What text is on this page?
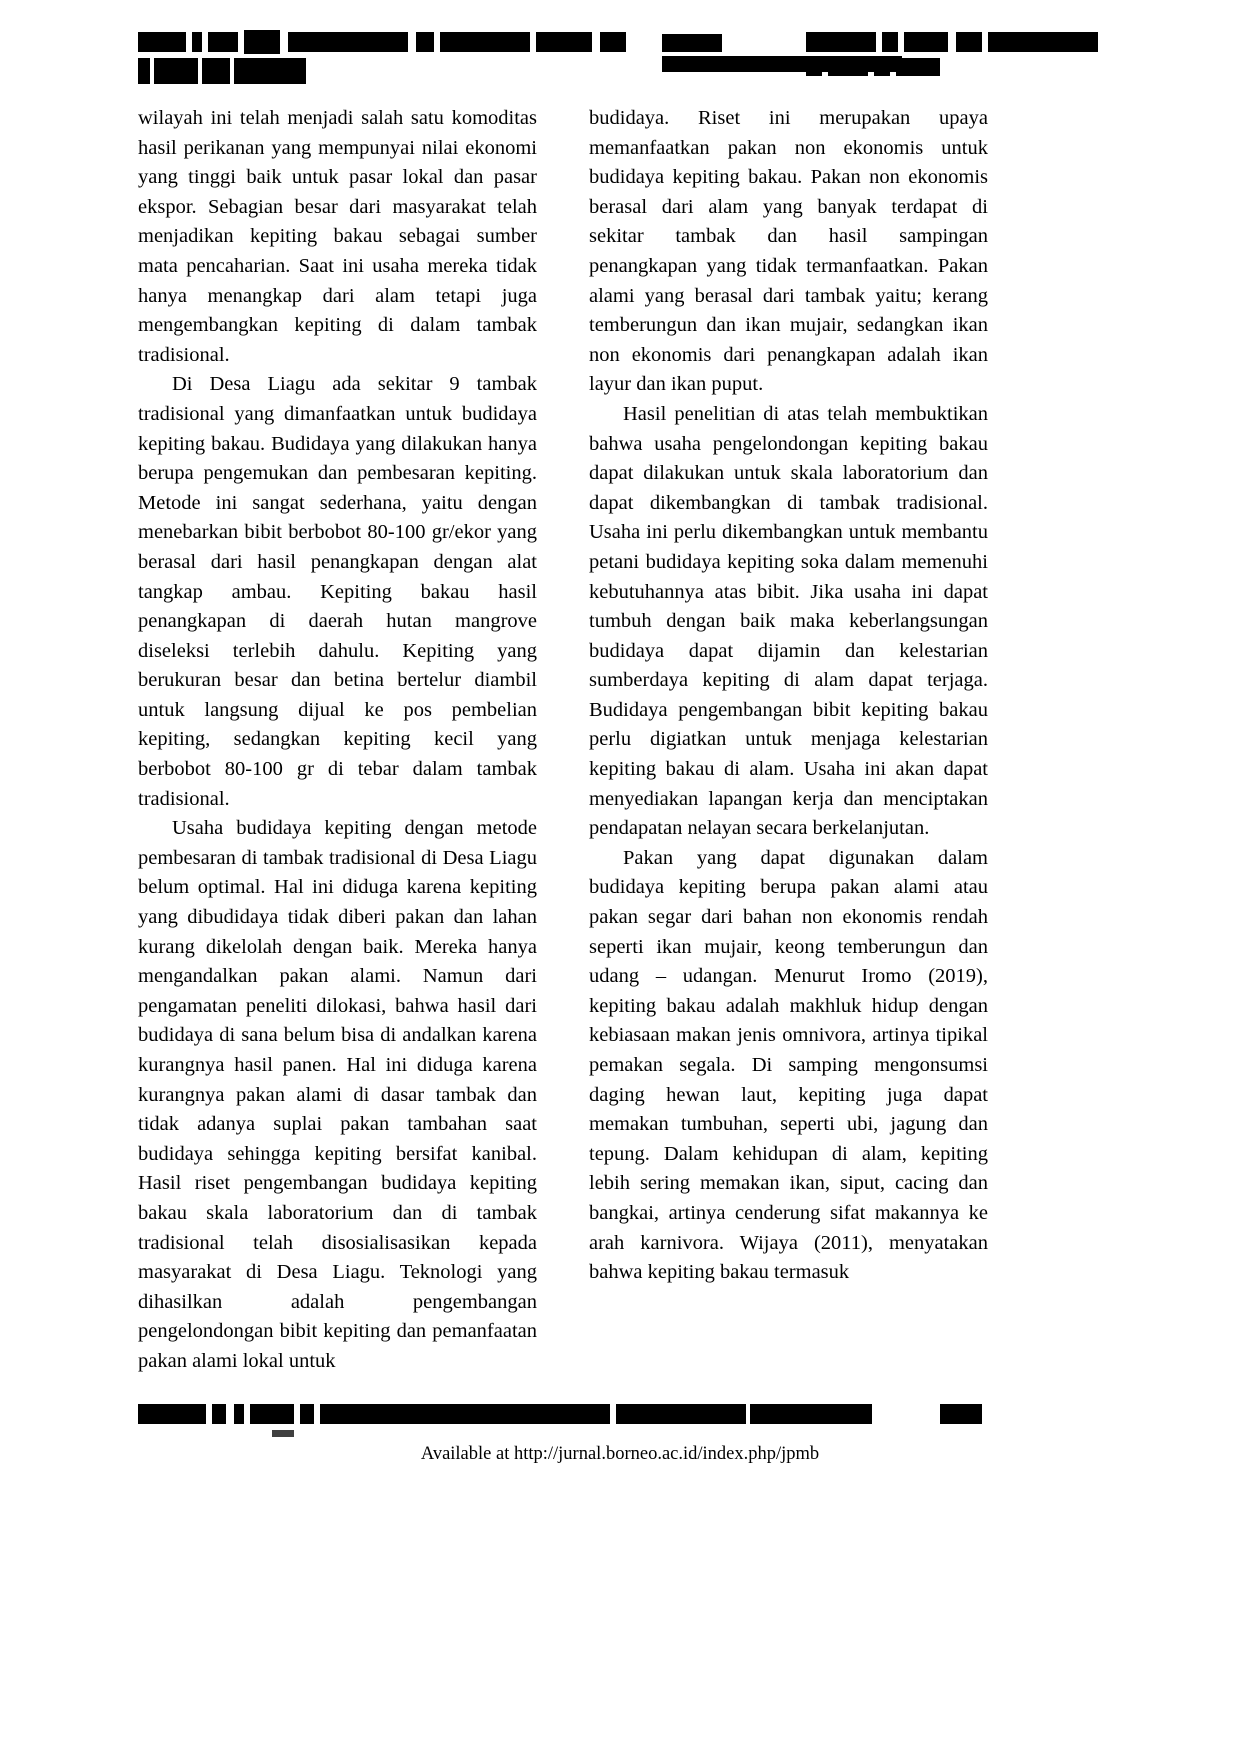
wilayah ini telah menjadi salah satu komoditas hasil perikanan yang mempunyai nilai ekonomi yang tinggi baik untuk pasar lokal dan pasar ekspor. Sebagian besar dari masyarakat telah menjadikan kepiting bakau sebagai sumber mata pencaharian. Saat ini usaha mereka tidak hanya menangkap dari alam tetapi juga mengembangkan kepiting di dalam tambak tradisional.

Di Desa Liagu ada sekitar 9 tambak tradisional yang dimanfaatkan untuk budidaya kepiting bakau. Budidaya yang dilakukan hanya berupa pengemukan dan pembesaran kepiting. Metode ini sangat sederhana, yaitu dengan menebarkan bibit berbobot 80-100 gr/ekor yang berasal dari hasil penangkapan dengan alat tangkap ambau. Kepiting bakau hasil penangkapan di daerah hutan mangrove diseleksi terlebih dahulu. Kepiting yang berukuran besar dan betina bertelur diambil untuk langsung dijual ke pos pembelian kepiting, sedangkan kepiting kecil yang berbobot 80-100 gr di tebar dalam tambak tradisional.

Usaha budidaya kepiting dengan metode pembesaran di tambak tradisional di Desa Liagu belum optimal. Hal ini diduga karena kepiting yang dibudidaya tidak diberi pakan dan lahan kurang dikelolah dengan baik. Mereka hanya mengandalkan pakan alami. Namun dari pengamatan peneliti dilokasi, bahwa hasil dari budidaya di sana belum bisa di andalkan karena kurangnya hasil panen. Hal ini diduga karena kurangnya pakan alami di dasar tambak dan tidak adanya suplai pakan tambahan saat budidaya sehingga kepiting bersifat kanibal. Hasil riset pengembangan budidaya kepiting bakau skala laboratorium dan di tambak tradisional telah disosialisasikan kepada masyarakat di Desa Liagu. Teknologi yang dihasilkan adalah pengembangan pengelondongan bibit kepiting dan pemanfaatan pakan alami lokal untuk

budidaya. Riset ini merupakan upaya memanfaatkan pakan non ekonomis untuk budidaya kepiting bakau. Pakan non ekonomis berasal dari alam yang banyak terdapat di sekitar tambak dan hasil sampingan penangkapan yang tidak termanfaatkan. Pakan alami yang berasal dari tambak yaitu; kerang temberungun dan ikan mujair, sedangkan ikan non ekonomis dari penangkapan adalah ikan layur dan ikan puput.

Hasil penelitian di atas telah membuktikan bahwa usaha pengelondongan kepiting bakau dapat dilakukan untuk skala laboratorium dan dapat dikembangkan di tambak tradisional. Usaha ini perlu dikembangkan untuk membantu petani budidaya kepiting soka dalam memenuhi kebutuhannya atas bibit. Jika usaha ini dapat tumbuh dengan baik maka keberlangsungan budidaya dapat dijamin dan kelestarian sumberdaya kepiting di alam dapat terjaga. Budidaya pengembangan bibit kepiting bakau perlu digiatkan untuk menjaga kelestarian kepiting bakau di alam. Usaha ini akan dapat menyediakan lapangan kerja dan menciptakan pendapatan nelayan secara berkelanjutan.

Pakan yang dapat digunakan dalam budidaya kepiting berupa pakan alami atau pakan segar dari bahan non ekonomis rendah seperti ikan mujair, keong temberungun dan udang – udangan. Menurut Iromo (2019), kepiting bakau adalah makhluk hidup dengan kebiasaan makan jenis omnivora, artinya tipikal pemakan segala. Di samping mengonsumsi daging hewan laut, kepiting juga dapat memakan tumbuhan, seperti ubi, jagung dan tepung. Dalam kehidupan di alam, kepiting lebih sering memakan ikan, siput, cacing dan bangkai, artinya cenderung sifat makannya ke arah karnivora. Wijaya (2011), menyatakan bahwa kepiting bakau termasuk

Available at http://jurnal.borneo.ac.id/index.php/jpmb
